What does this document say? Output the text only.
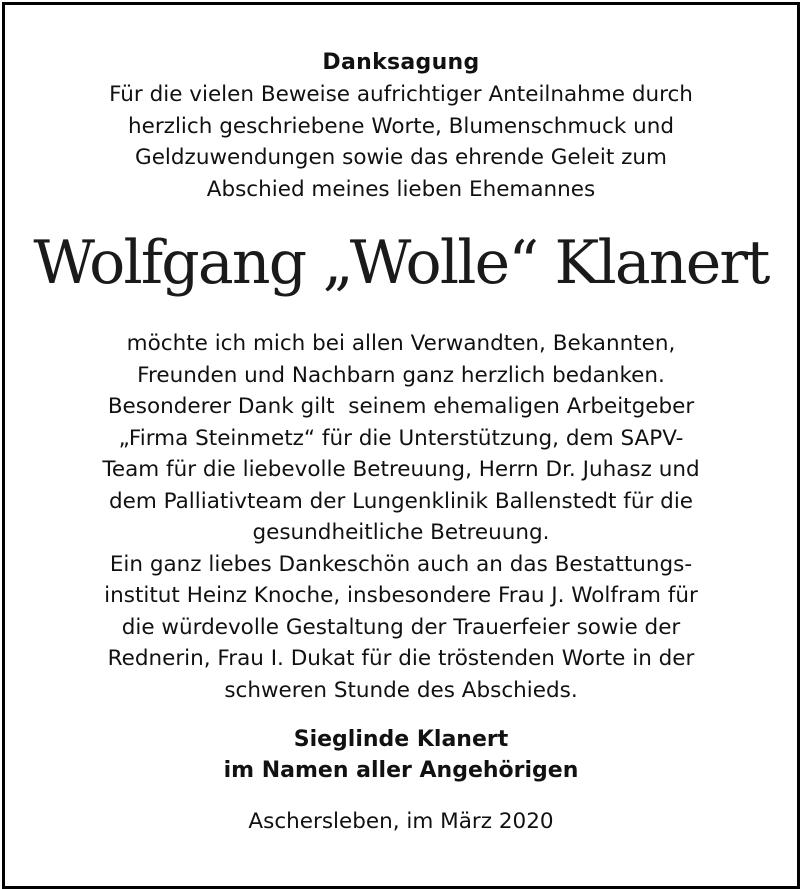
Danksagung
Für die vielen Beweise aufrichtiger Anteilnahme durch
herzlich geschriebene Worte, Blumenschmuck und
Geldzuwendungen sowie das ehrende Geleit zum
Abschied meines lieben Ehemannes
Wolfgang „Wolle“ Klanert
möchte ich mich bei allen Verwandten, Bekannten,
Freunden und Nachbarn ganz herzlich bedanken.
Besonderer Dank gilt  seinem ehemaligen Arbeitgeber
„Firma Steinmetz“ für die Unterstützung, dem SAPV-
Team für die liebevolle Betreuung, Herrn Dr. Juhasz und
dem Palliativteam der Lungenklinik Ballenstedt für die
gesundheitliche Betreuung.
Ein ganz liebes Dankeschön auch an das Bestattungs-
institut Heinz Knoche, insbesondere Frau J. Wolfram für
die würdevolle Gestaltung der Trauerfeier sowie der
Rednerin, Frau I. Dukat für die tröstenden Worte in der
schweren Stunde des Abschieds.
Sieglinde Klanert
im Namen aller Angehörigen
Aschersleben, im März 2020
